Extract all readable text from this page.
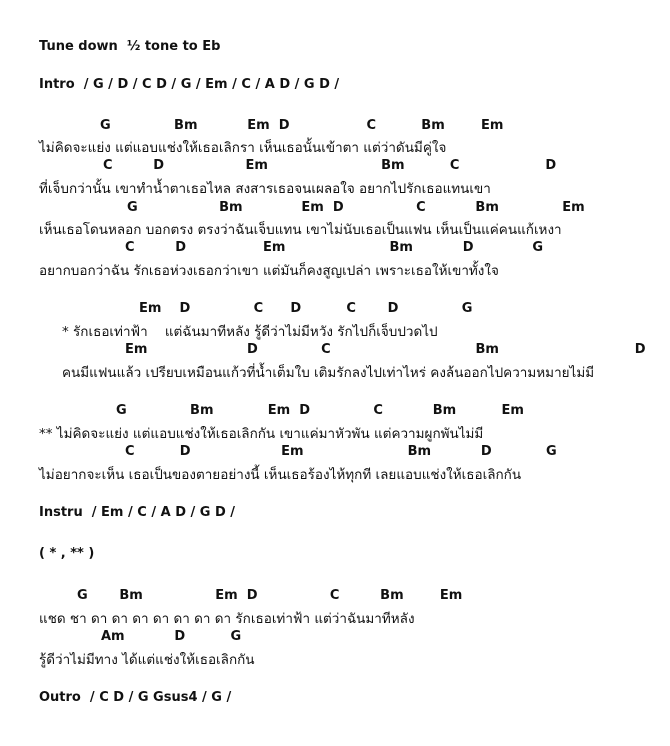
Tune down  ½ tone to Eb
Intro  / G / D / C D / G / Em / C / A D / G D /
G              Bm           Em  D                 C          Bm        Em
ไม่คิดจะแย่ง แต่แอบแช่งให้เธอเลิกรา เห็นเธอนั้นเข้าตา แต่ว่าดันมีคู่ใจ
C         D                  Em                         Bm          C                   D
ที่เจ็บกว่านั้น เขาทำน้ำตาเธอไหล สงสารเธอจนเผลอใจ อยากไปรักเธอแทนเขา
G                  Bm             Em  D                C           Bm              Em
เห็นเธอโดนหลอก บอกตรง ตรงว่าฉันเจ็บแทน เขาไม่นับเธอเป็นแฟน เห็นเป็นแค่คนแก้เหงา
C         D                 Em                       Bm           D             G
อยากบอกว่าฉัน รักเธอห่วงเธอกว่าเขา แต่มันก็คงสูญเปล่า เพราะเธอให้เขาทั้งใจ
Em    D              C      D          C       D              G
* รักเธอเท่าฟ้า    แต่ฉันมาทีหลัง รู้ดีว่าไม่มีหวัง รักไปก็เจ็บปวดไป
Em                      D              C                                Bm                              D
คนมีแฟนแล้ว เปรียบเหมือนแก้วที่น้ำเต็มใบ เติมรักลงไปเท่าไหร่ คงล้นออกไปความหมายไม่มี
G              Bm            Em  D              C           Bm          Em
** ไม่คิดจะแย่ง แต่แอบแช่งให้เธอเลิกกัน เขาแค่มาหัวพัน แต่ความผูกพันไม่มี
C          D                    Em                       Bm           D            G
ไม่อยากจะเห็น เธอเป็นของตายอย่างนี้ เห็นเธอร้องไห้ทุกที เลยแอบแช่งให้เธอเลิกกัน
Instru  / Em / C / A D / G D /
( * , ** )
G       Bm                Em  D                C         Bm        Em
แชด ชา ดา ดา ดา ดา ดา ดา ดา รักเธอเท่าฟ้า แต่ว่าฉันมาทีหลัง
Am           D          G
รู้ดีว่าไม่มีทาง ได้แต่แช่งให้เธอเลิกกัน
Outro  / C D / G Gsus4 / G /
